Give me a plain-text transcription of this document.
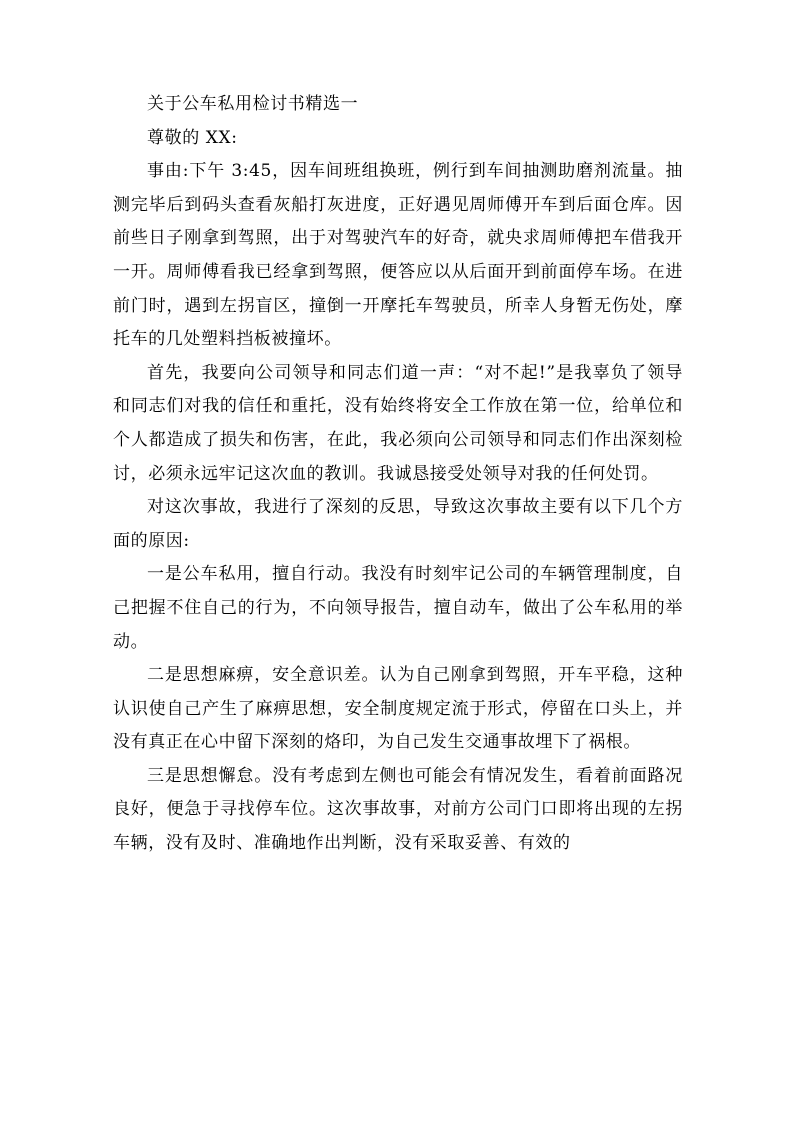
关于公车私用检讨书精选一

尊敬的 XX:

事由:下午 3:45，因车间班组换班，例行到车间抽测助磨剂流量。抽测完毕后到码头查看灰船打灰进度，正好遇见周师傅开车到后面仓库。因前些日子刚拿到驾照，出于对驾驶汽车的好奇，就央求周师傅把车借我开一开。周师傅看我已经拿到驾照，便答应以从后面开到前面停车场。在进前门时，遇到左拐盲区，撞倒一开摩托车驾驶员，所幸人身暂无伤处，摩托车的几处塑料挡板被撞坏。

首先，我要向公司领导和同志们道一声：“对不起!”是我辜负了领导和同志们对我的信任和重托，没有始终将安全工作放在第一位，给单位和个人都造成了损失和伤害，在此，我必须向公司领导和同志们作出深刻检讨，必须永远牢记这次血的教训。我诚恳接受处领导对我的任何处罚。

对这次事故，我进行了深刻的反思，导致这次事故主要有以下几个方面的原因:

一是公车私用，擅自行动。我没有时刻牢记公司的车辆管理制度，自己把握不住自己的行为，不向领导报告，擅自动车，做出了公车私用的举动。

二是思想麻痹，安全意识差。认为自己刚拿到驾照，开车平稳，这种认识使自己产生了麻痹思想，安全制度规定流于形式，停留在口头上，并没有真正在心中留下深刻的烙印，为自己发生交通事故埋下了祸根。

三是思想懈怠。没有考虑到左侧也可能会有情况发生，看着前面路况良好，便急于寻找停车位。这次事故事，对前方公司门口即将出现的左拐车辆，没有及时、准确地作出判断，没有采取妥善、有效的
